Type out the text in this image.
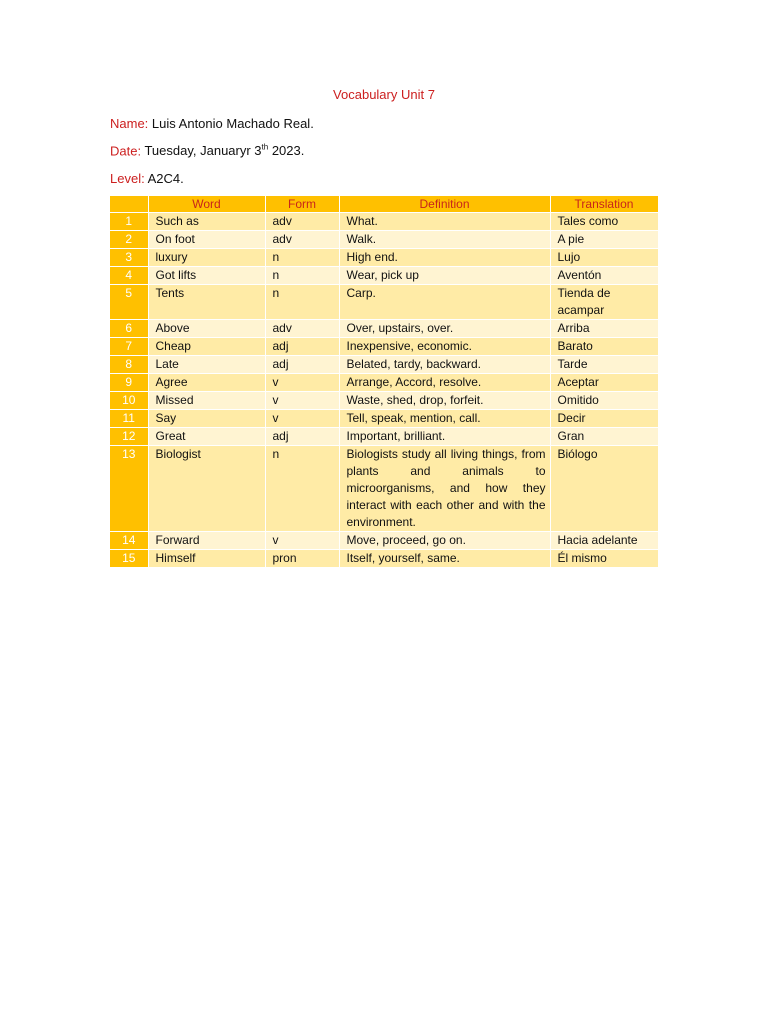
Vocabulary Unit 7
Name: Luis Antonio Machado Real.
Date: Tuesday, Januaryr 3th 2023.
Level: A2C4.
	Word	Form	Definition	Translation
1	Such as	adv	What.	Tales como
2	On foot	adv	Walk.	A pie
3	luxury	n	High end.	Lujo
4	Got lifts	n	Wear, pick up	Aventón
5	Tents	n	Carp.	Tienda de acampar
6	Above	adv	Over, upstairs, over.	Arriba
7	Cheap	adj	Inexpensive, economic.	Barato
8	Late	adj	Belated, tardy, backward.	Tarde
9	Agree	v	Arrange, Accord, resolve.	Aceptar
10	Missed	v	Waste, shed, drop, forfeit.	Omitido
11	Say	v	Tell, speak, mention, call.	Decir
12	Great	adj	Important, brilliant.	Gran
13	Biologist	n	Biologists study all living things, from plants and animals to microorganisms, and how they interact with each other and with the environment.	Biólogo
14	Forward	v	Move, proceed, go on.	Hacia adelante
15	Himself	pron	Itself, yourself, same.	Él mismo
